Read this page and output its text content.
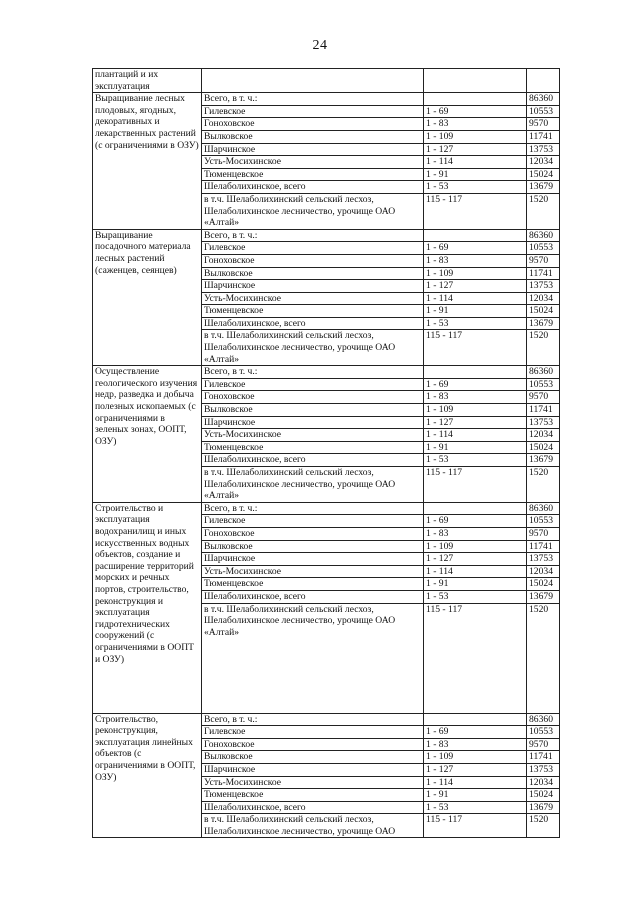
24
плантаций и их эксплуатация			
Выращивание лесных плодовых, ягодных, декоративных и лекарственных растений (с ограничениями в ОЗУ)	Всего, в т. ч.:		86360
	Гилевское	1 - 69	10553
	Гоноховское	1 - 83	9570
	Вылковское	1 - 109	11741
	Шарчинское	1 - 127	13753
	Усть-Мосихинское	1 - 114	12034
	Тюменцевское	1 - 91	15024
	Шелаболихинское, всего	1 - 53	13679
	в т.ч. Шелаболихинский сельский лесхоз, Шелаболихинское лесничество, урочище ОАО «Алтай»	115 - 117	1520
Выращивание посадочного материала лесных растений (саженцев, сеянцев)	Всего, в т. ч.:		86360
	Гилевское	1 - 69	10553
	Гоноховское	1 - 83	9570
	Вылковское	1 - 109	11741
	Шарчинское	1 - 127	13753
	Усть-Мосихинское	1 - 114	12034
	Тюменцевское	1 - 91	15024
	Шелаболихинское, всего	1 - 53	13679
	в т.ч. Шелаболихинский сельский лесхоз, Шелаболихинское лесничество, урочище ОАО «Алтай»	115 - 117	1520
Осуществление геологического изучения недр, разведка и добыча полезных ископаемых (с ограничениями в зеленых зонах, ООПТ, ОЗУ)	Всего, в т. ч.:		86360
	Гилевское	1 - 69	10553
	Гоноховское	1 - 83	9570
	Вылковское	1 - 109	11741
	Шарчинское	1 - 127	13753
	Усть-Мосихинское	1 - 114	12034
	Тюменцевское	1 - 91	15024
	Шелаболихинское, всего	1 - 53	13679
	в т.ч. Шелаболихинский сельский лесхоз, Шелаболихинское лесничество, урочище ОАО «Алтай»	115 - 117	1520
Строительство и эксплуатация водохранилищ и иных искусственных водных объектов, создание и расширение территорий морских и речных портов, строительство, реконструкция и эксплуатация гидротехнических сооружений (с ограничениями в ООПТ и ОЗУ)	Всего, в т. ч.:		86360
	Гилевское	1 - 69	10553
	Гоноховское	1 - 83	9570
	Вылковское	1 - 109	11741
	Шарчинское	1 - 127	13753
	Усть-Мосихинское	1 - 114	12034
	Тюменцевское	1 - 91	15024
	Шелаболихинское, всего	1 - 53	13679
	в т.ч. Шелаболихинский сельский лесхоз, Шелаболихинское лесничество, урочище ОАО «Алтай»	115 - 117	1520
Строительство, реконструкция, эксплуатация линейных объектов (с ограничениями в ООПТ, ОЗУ)	Всего, в т. ч.:		86360
	Гилевское	1 - 69	10553
	Гоноховское	1 - 83	9570
	Вылковское	1 - 109	11741
	Шарчинское	1 - 127	13753
	Усть-Мосихинское	1 - 114	12034
	Тюменцевское	1 - 91	15024
	Шелаболихинское, всего	1 - 53	13679
	в т.ч. Шелаболихинский сельский лесхоз, Шелаболихинское лесничество, урочище ОАО	115 - 117	1520
